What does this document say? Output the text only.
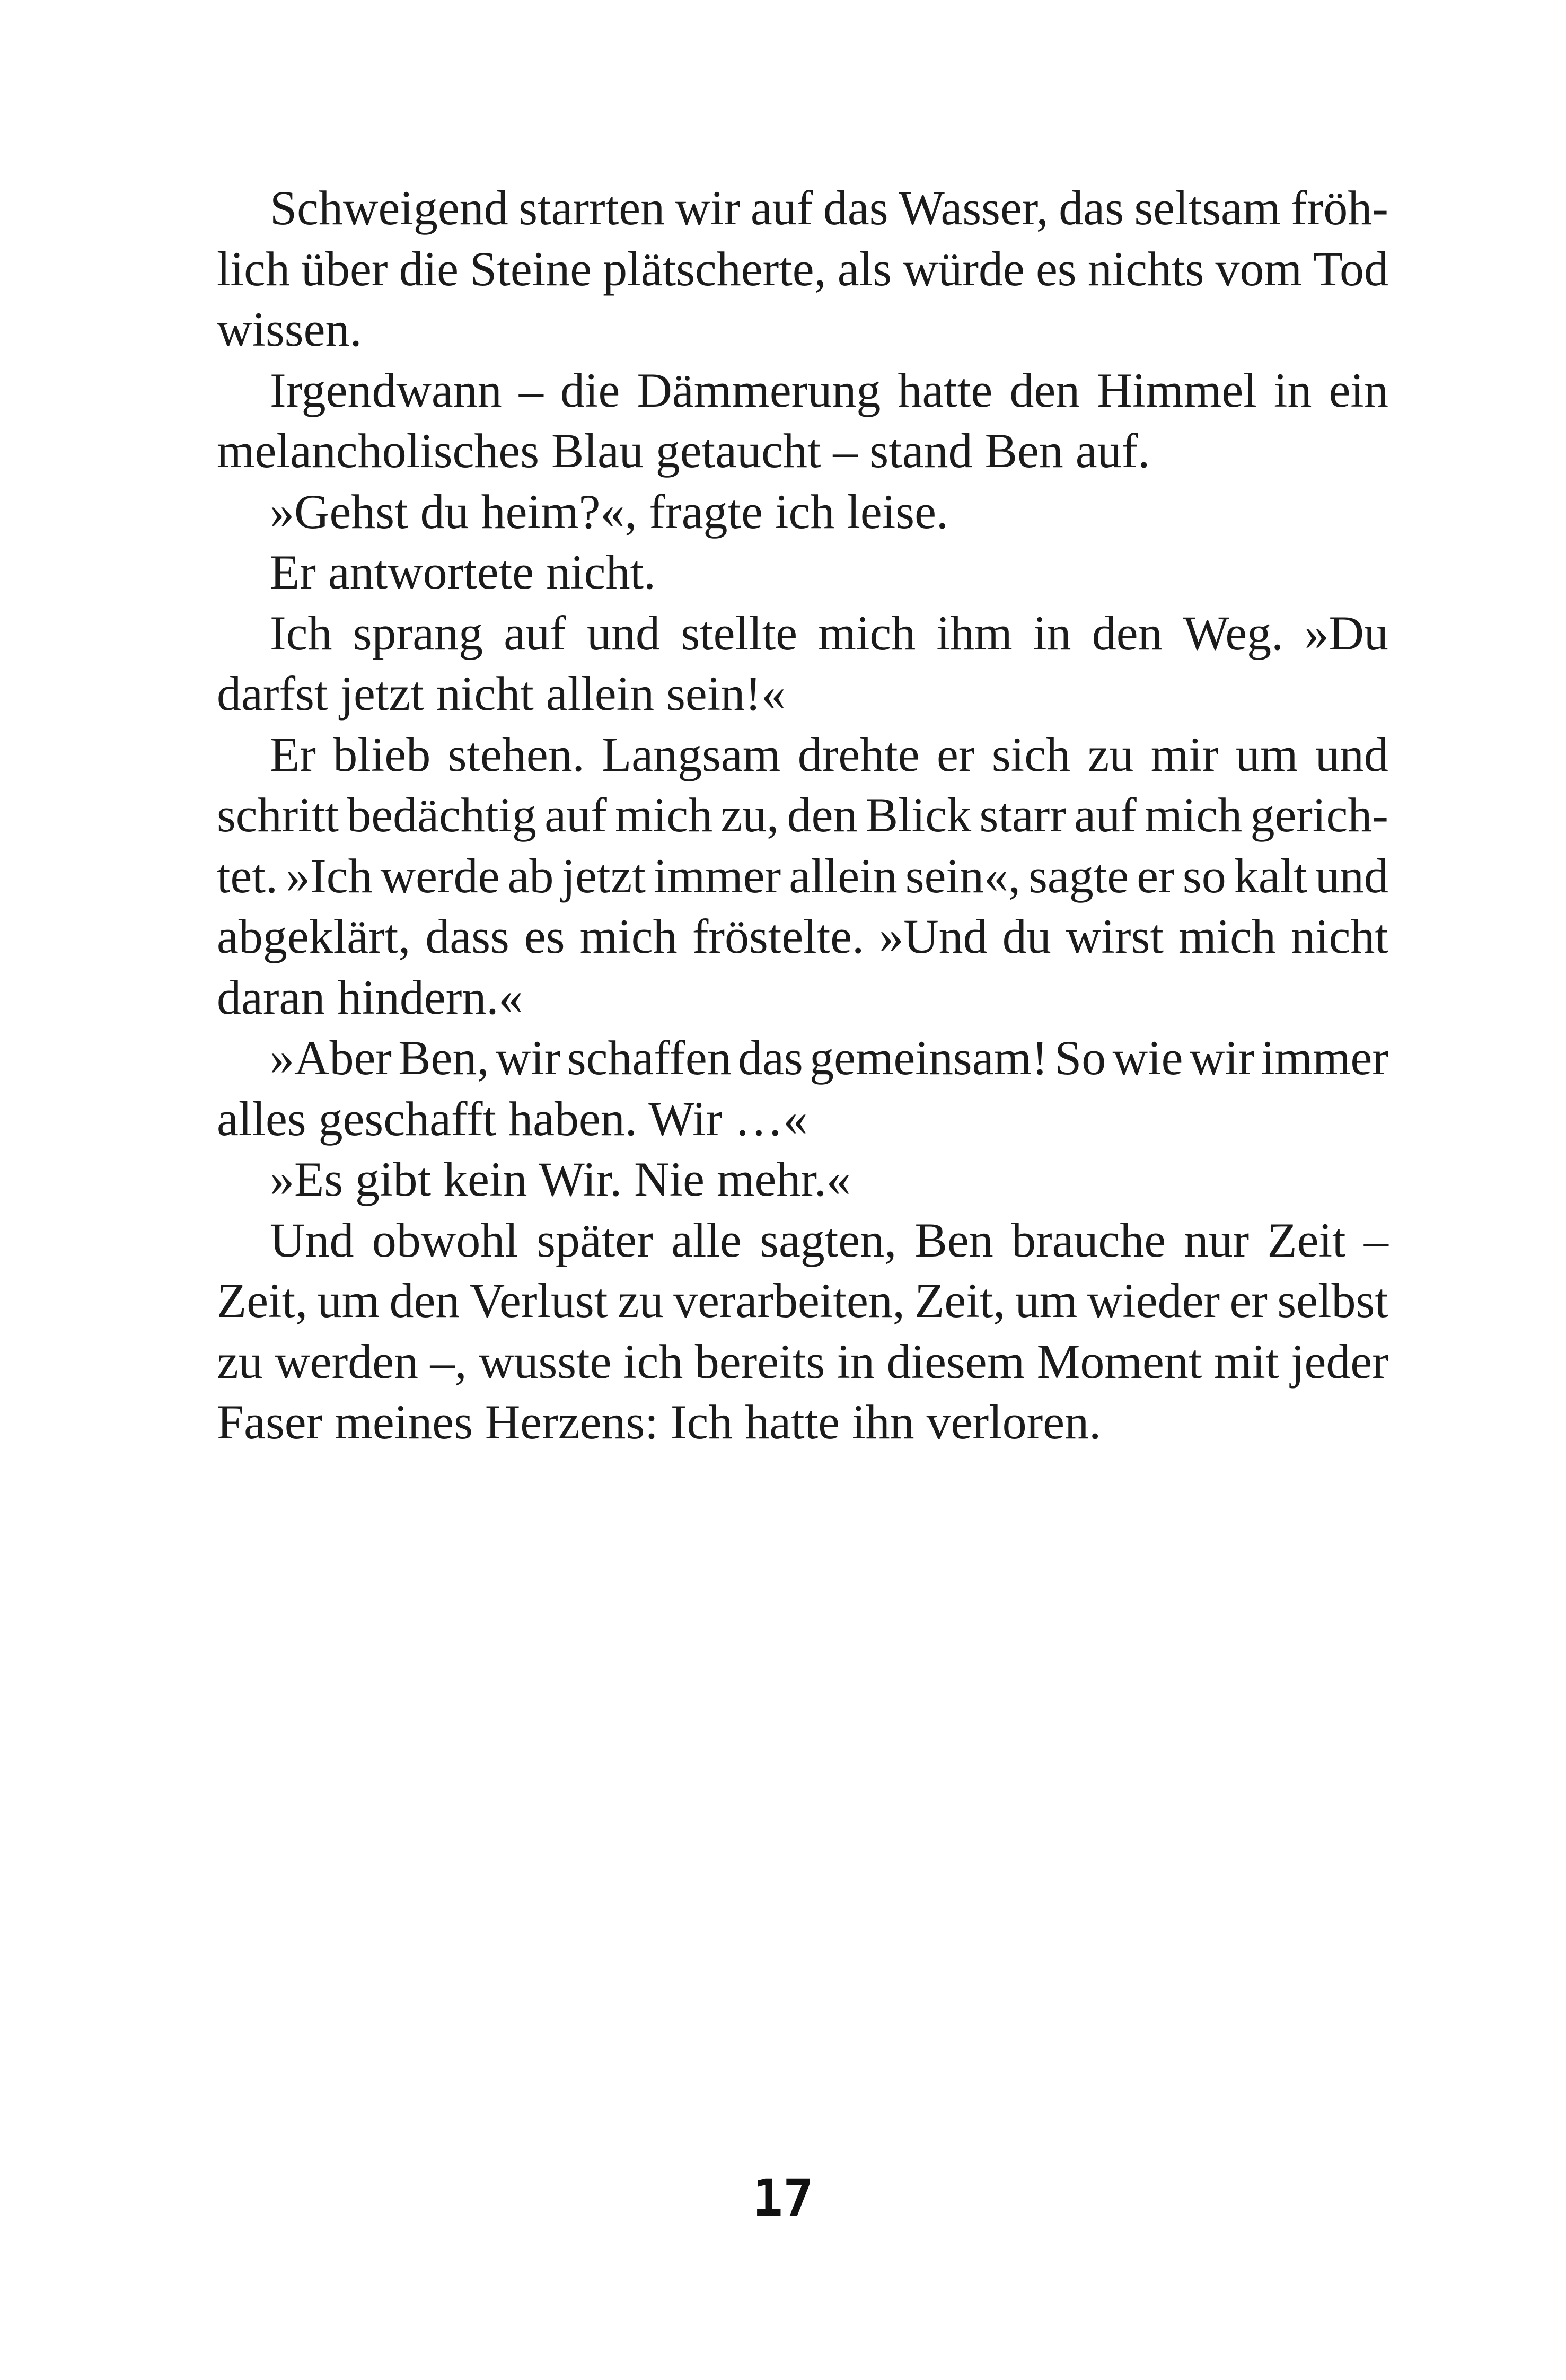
Schweigend starrten wir auf das Wasser, das seltsam fröh-
lich über die Steine plätscherte, als würde es nichts vom Tod
wissen.
Irgendwann – die Dämmerung hatte den Himmel in ein
melancholisches Blau getaucht – stand Ben auf.
»Gehst du heim?«, fragte ich leise.
Er antwortete nicht.
Ich sprang auf und stellte mich ihm in den Weg. »Du
darfst jetzt nicht allein sein!«
Er blieb stehen. Langsam drehte er sich zu mir um und
schritt bedächtig auf mich zu, den Blick starr auf mich gerich-
tet. »Ich werde ab jetzt immer allein sein«, sagte er so kalt und
abgeklärt, dass es mich fröstelte. »Und du wirst mich nicht
daran hindern.«
»Aber Ben, wir schaffen das gemeinsam! So wie wir immer
alles geschafft haben. Wir …«
»Es gibt kein Wir. Nie mehr.«
Und obwohl später alle sagten, Ben brauche nur Zeit –
Zeit, um den Verlust zu verarbeiten, Zeit, um wieder er selbst
zu werden –, wusste ich bereits in diesem Moment mit jeder
Faser meines Herzens: Ich hatte ihn verloren.
17
